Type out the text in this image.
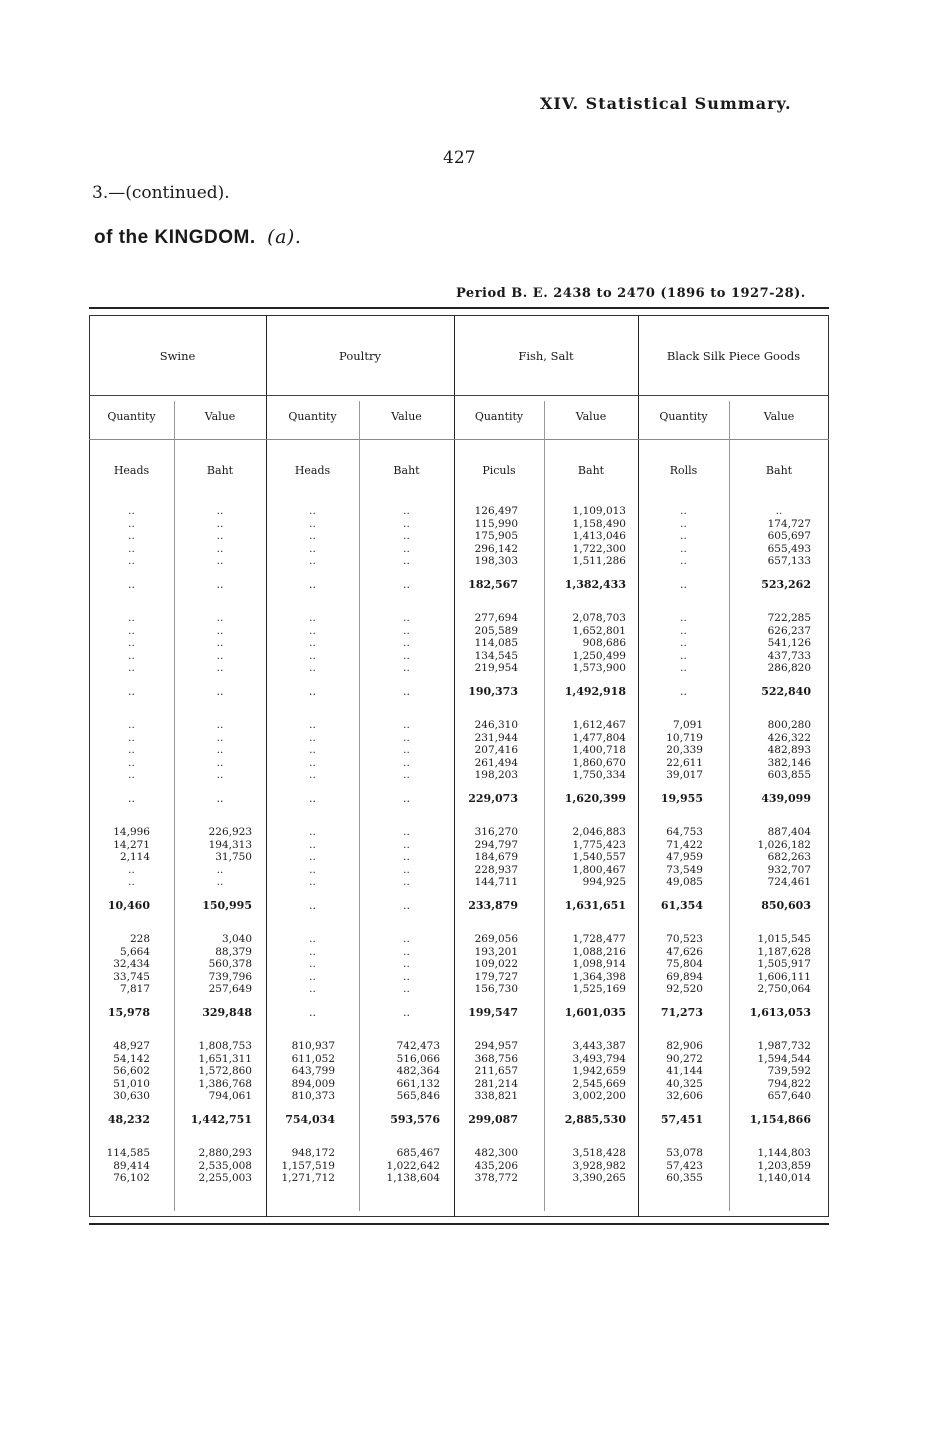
XIV. Statistical Summary.
427
3.—(continued).
of the KINGDOM. (a).
Period B. E. 2438 to 2470 (1896 to 1927-28).
Swine	Poultry	Fish, Salt	Black Silk Piece Goods
Quantity	Value	Quantity	Value	Quantity	Value	Quantity	Value
Heads	Baht	Heads	Baht	Piculs	Baht	Rolls	Baht
..	..	..	..	126,497	1,109,013	..	..
..	..	..	..	115,990	1,158,490	..	174,727
..	..	..	..	175,905	1,413,046	..	605,697
..	..	..	..	296,142	1,722,300	..	655,493
..	..	..	..	198,303	1,511,286	..	657,133
..	..	..	..	182,567	1,382,433	..	523,262
..	..	..	..	277,694	2,078,703	..	722,285
..	..	..	..	205,589	1,652,801	..	626,237
..	..	..	..	114,085	908,686	..	541,126
..	..	..	..	134,545	1,250,499	..	437,733
..	..	..	..	219,954	1,573,900	..	286,820
..	..	..	..	190,373	1,492,918	..	522,840
..	..	..	..	246,310	1,612,467	7,091	800,280
..	..	..	..	231,944	1,477,804	10,719	426,322
..	..	..	..	207,416	1,400,718	20,339	482,893
..	..	..	..	261,494	1,860,670	22,611	382,146
..	..	..	..	198,203	1,750,334	39,017	603,855
..	..	..	..	229,073	1,620,399	19,955	439,099
14,996	226,923	..	..	316,270	2,046,883	64,753	887,404
14,271	194,313	..	..	294,797	1,775,423	71,422	1,026,182
2,114	31,750	..	..	184,679	1,540,557	47,959	682,263
..	..	..	..	228,937	1,800,467	73,549	932,707
..	..	..	..	144,711	994,925	49,085	724,461
10,460	150,995	..	..	233,879	1,631,651	61,354	850,603
228	3,040	..	..	269,056	1,728,477	70,523	1,015,545
5,664	88,379	..	..	193,201	1,088,216	47,626	1,187,628
32,434	560,378	..	..	109,022	1,098,914	75,804	1,505,917
33,745	739,796	..	..	179,727	1,364,398	69,894	1,606,111
7,817	257,649	..	..	156,730	1,525,169	92,520	2,750,064
15,978	329,848	..	..	199,547	1,601,035	71,273	1,613,053
48,927	1,808,753	810,937	742,473	294,957	3,443,387	82,906	1,987,732
54,142	1,651,311	611,052	516,066	368,756	3,493,794	90,272	1,594,544
56,602	1,572,860	643,799	482,364	211,657	1,942,659	41,144	739,592
51,010	1,386,768	894,009	661,132	281,214	2,545,669	40,325	794,822
30,630	794,061	810,373	565,846	338,821	3,002,200	32,606	657,640
48,232	1,442,751	754,034	593,576	299,087	2,885,530	57,451	1,154,866
114,585	2,880,293	948,172	685,467	482,300	3,518,428	53,078	1,144,803
89,414	2,535,008	1,157,519	1,022,642	435,206	3,928,982	57,423	1,203,859
76,102	2,255,003	1,271,712	1,138,604	378,772	3,390,265	60,355	1,140,014
